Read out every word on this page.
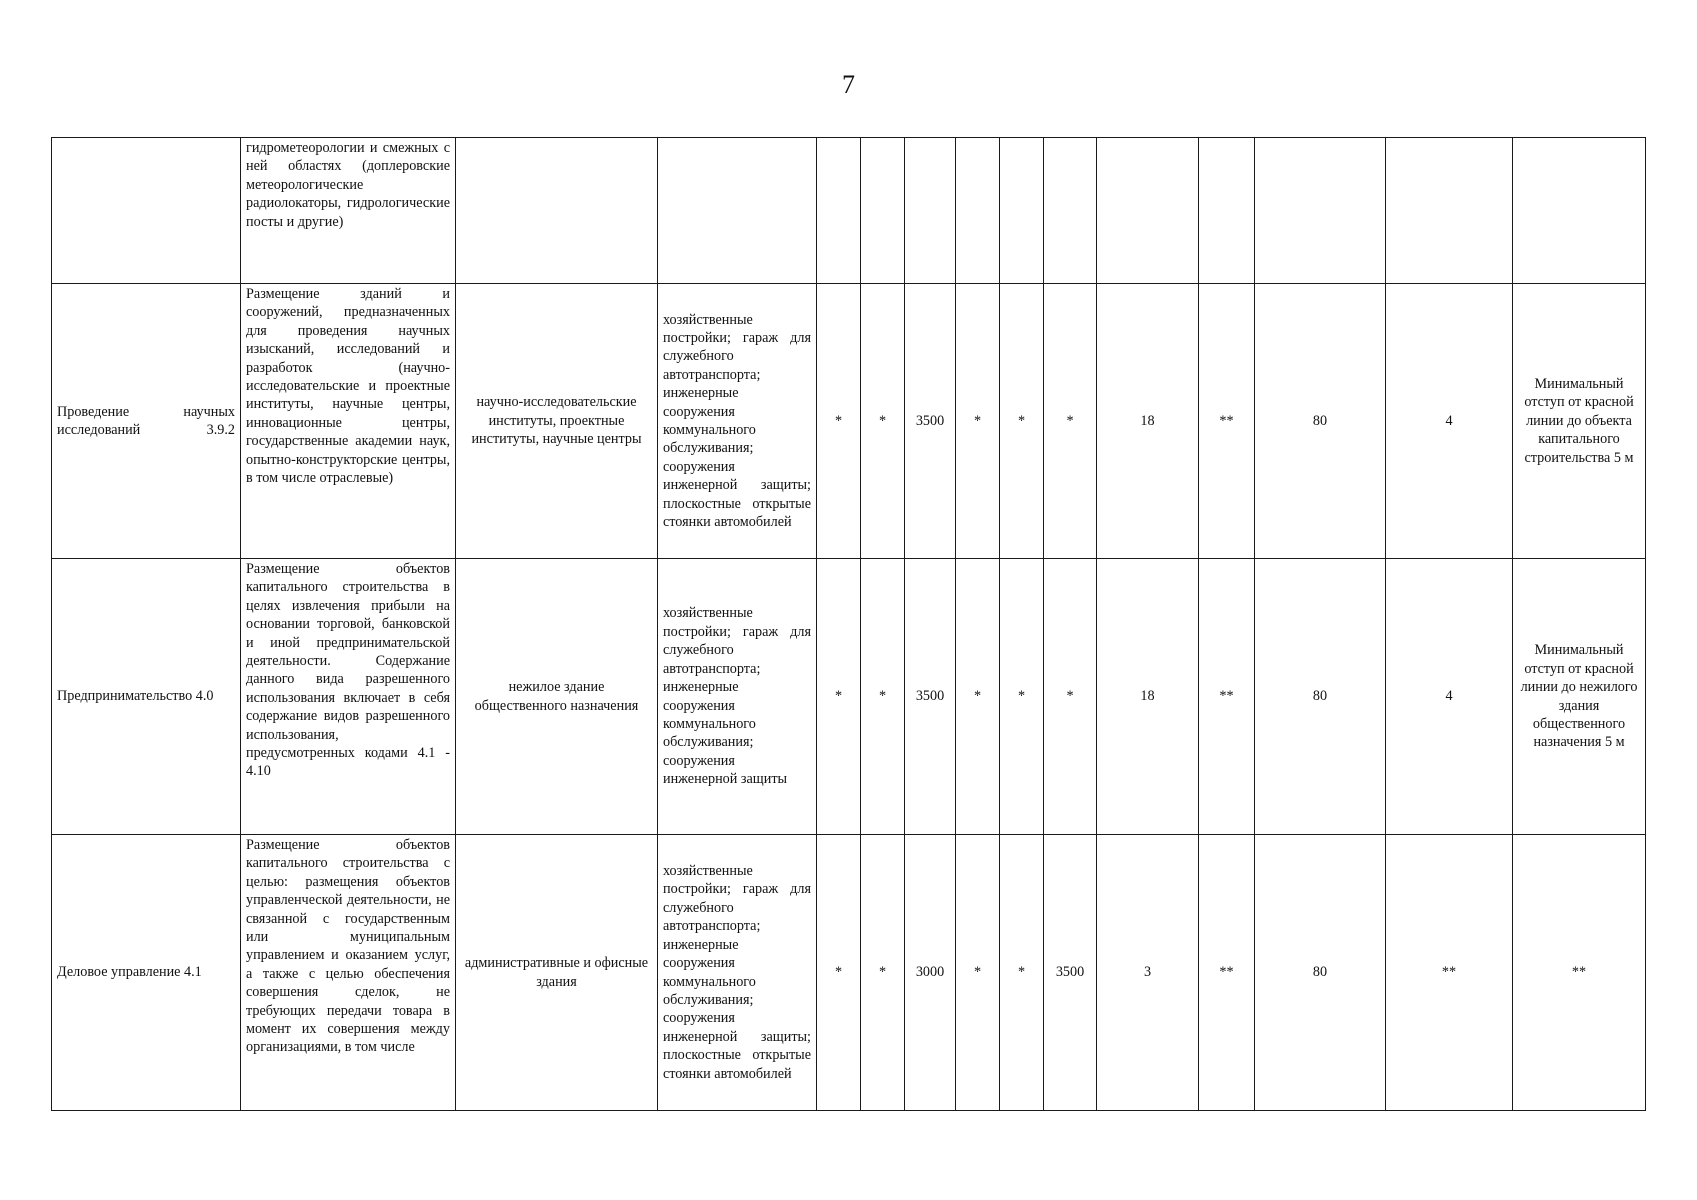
7
	гидрометеорологии и смежных с ней областях (доплеровские метеорологические радиолокаторы, гидрологические посты и другие)													
Проведение научных исследований 3.9.2	Размещение зданий и сооружений, предназначенных для проведения научных изысканий, исследований и разработок (научно-исследовательские и проектные институты, научные центры, инновационные центры, государственные академии наук, опытно-конструкторские центры, в том числе отраслевые)	научно-исследовательские институты, проектные институты, научные центры	хозяйственные постройки; гараж для служебного автотранспорта; инженерные сооружения коммунального обслуживания; сооружения инженерной защиты; плоскостные открытые стоянки автомобилей	*	*	3500	*	*	*	18	**	80	4	Минимальный отступ от красной линии до объекта капитального строительства 5 м
Предпринимательство 4.0	Размещение объектов капитального строительства в целях извлечения прибыли на основании торговой, банковской и иной предпринимательской деятельности. Содержание данного вида разрешенного использования включает в себя содержание видов разрешенного использования, предусмотренных кодами 4.1 - 4.10	нежилое здание общественного назначения	хозяйственные постройки; гараж для служебного автотранспорта; инженерные сооружения коммунального обслуживания; сооружения инженерной защиты	*	*	3500	*	*	*	18	**	80	4	Минимальный отступ от красной линии до нежилого здания общественного назначения 5 м
Деловое управление 4.1	Размещение объектов капитального строительства с целью: размещения объектов управленческой деятельности, не связанной с государственным или муниципальным управлением и оказанием услуг, а также с целью обеспечения совершения сделок, не требующих передачи товара в момент их совершения между организациями, в том числе	административные и офисные здания	хозяйственные постройки; гараж для служебного автотранспорта; инженерные сооружения коммунального обслуживания; сооружения инженерной защиты; плоскостные открытые стоянки автомобилей	*	*	3000	*	*	3500	3	**	80	**	**
